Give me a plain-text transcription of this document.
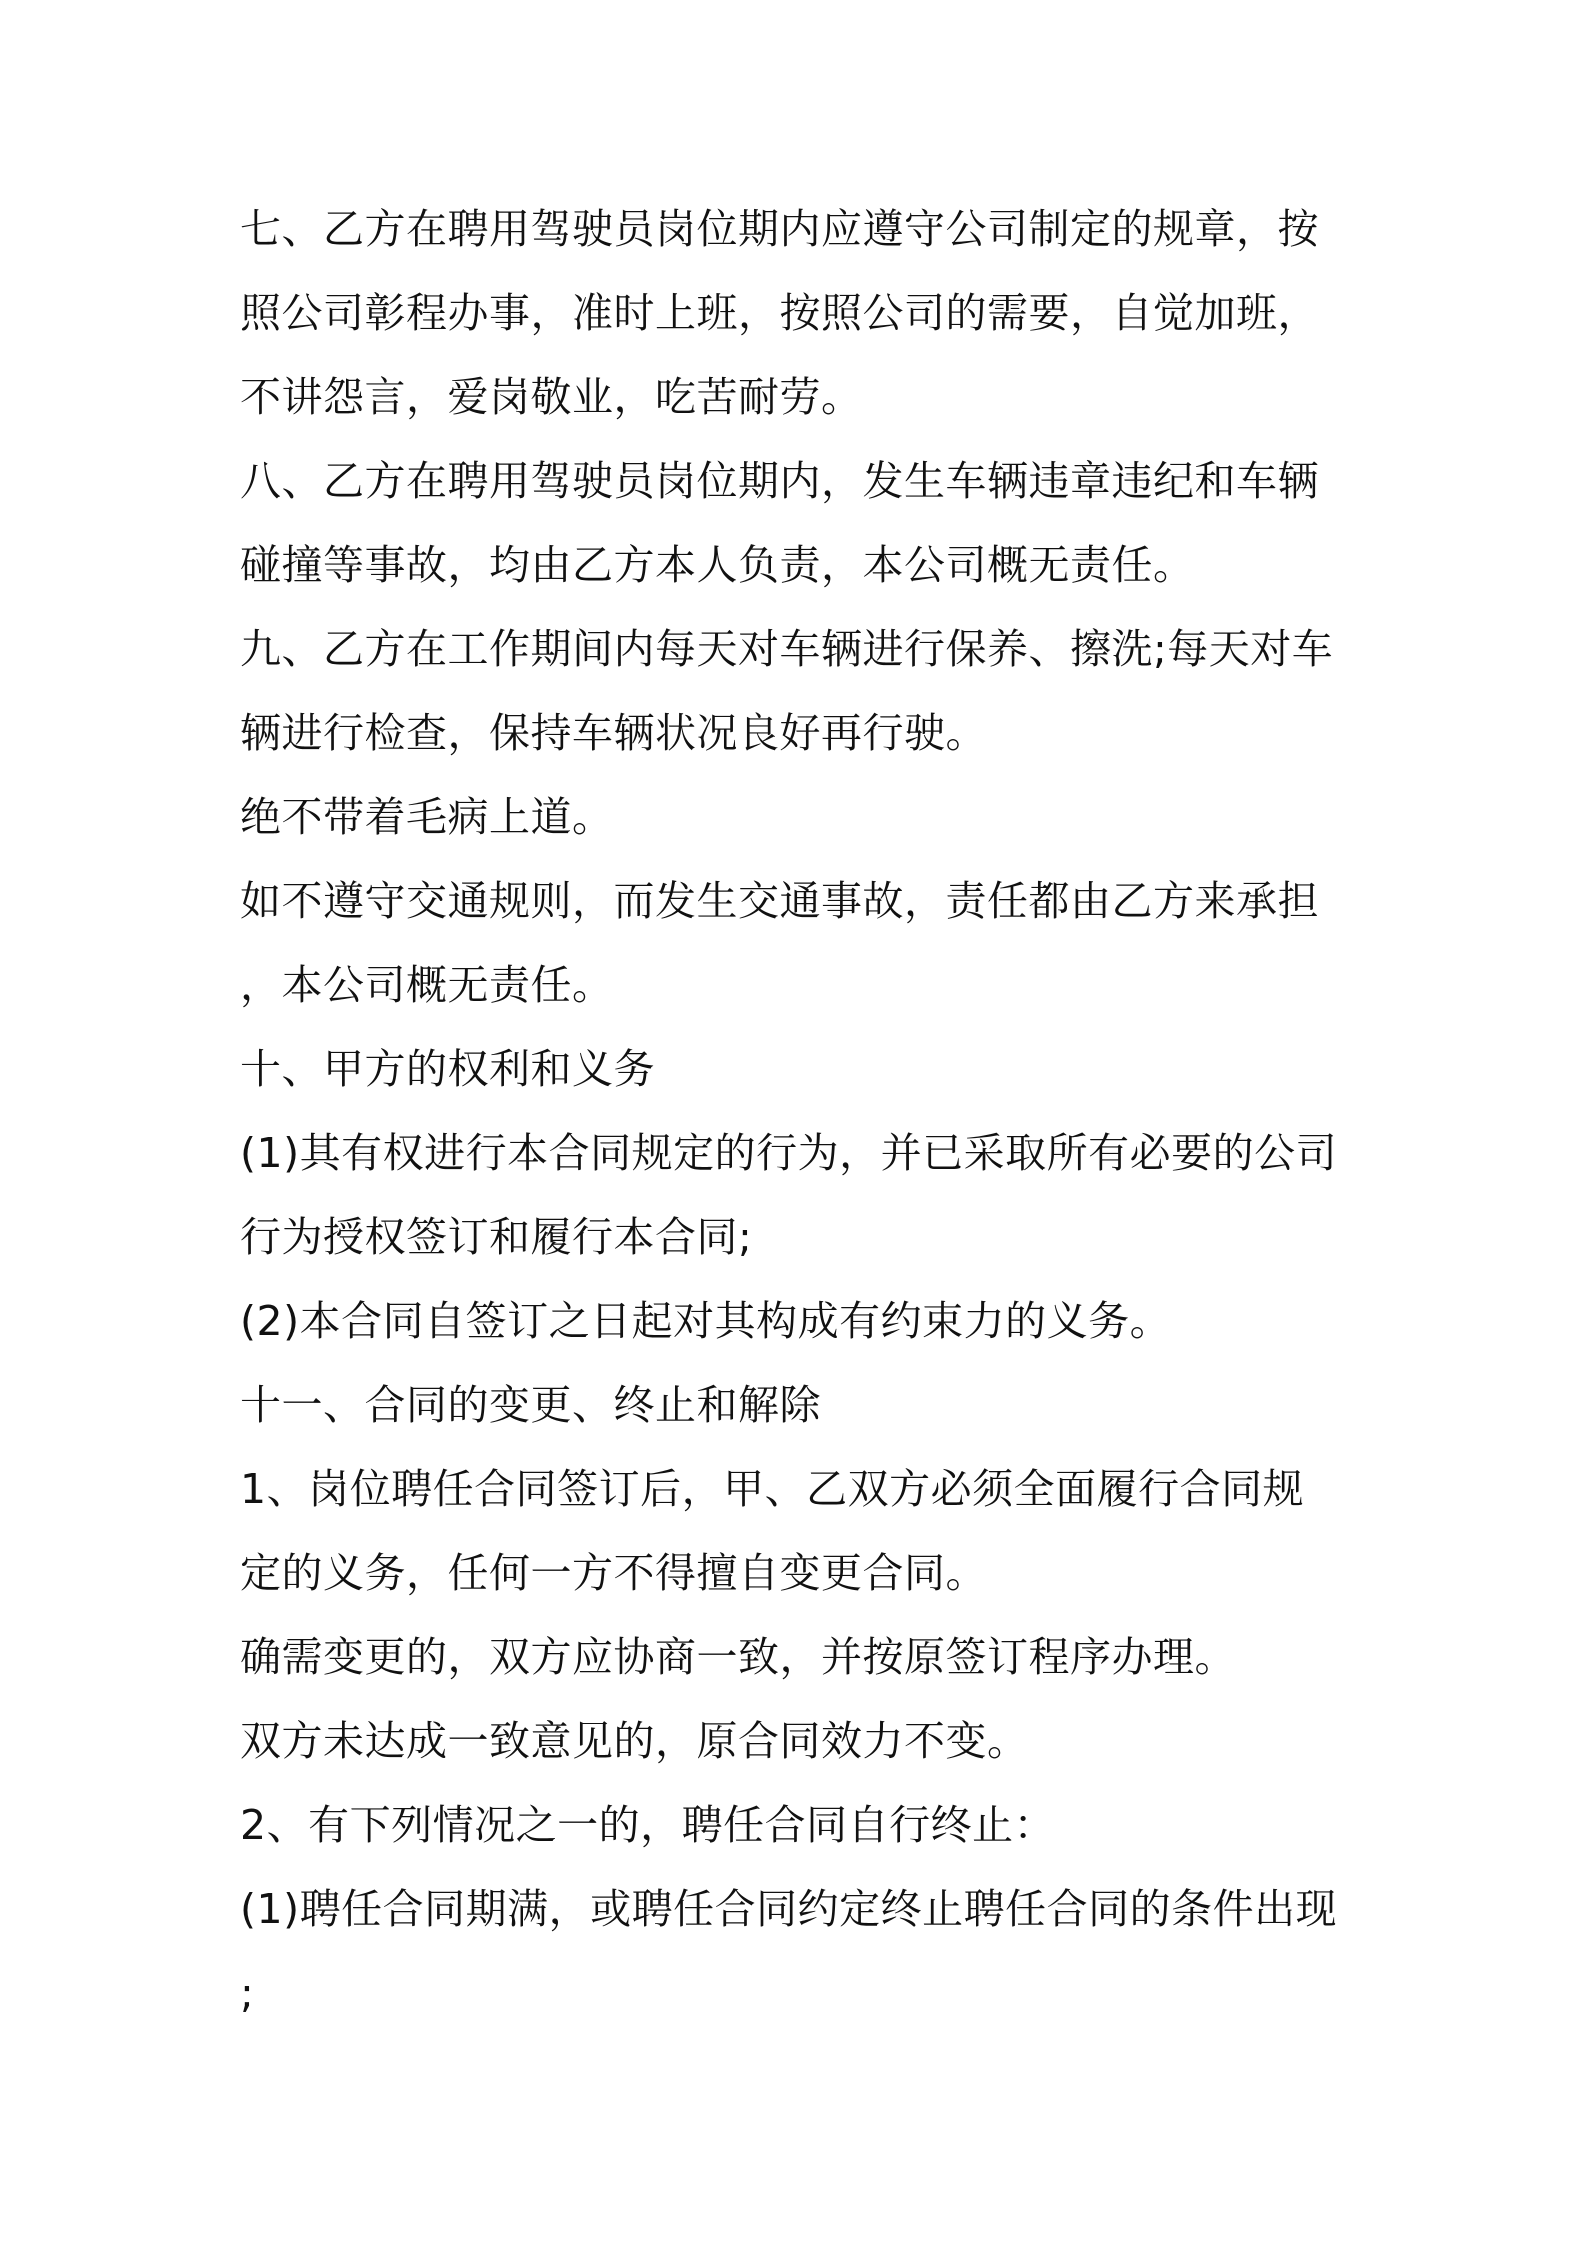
七、乙方在聘用驾驶员岗位期内应遵守公司制定的规章，按

照公司彰程办事，准时上班，按照公司的需要，自觉加班，

不讲怨言，爱岗敬业，吃苦耐劳。

八、乙方在聘用驾驶员岗位期内，发生车辆违章违纪和车辆

碰撞等事故，均由乙方本人负责，本公司概无责任。

九、乙方在工作期间内每天对车辆进行保养、擦洗;每天对车

辆进行检查，保持车辆状况良好再行驶。

绝不带着毛病上道。

如不遵守交通规则，而发生交通事故，责任都由乙方来承担

，本公司概无责任。

十、甲方的权利和义务

(1)其有权进行本合同规定的行为，并已采取所有必要的公司

行为授权签订和履行本合同;

(2)本合同自签订之日起对其构成有约束力的义务。

十一、合同的变更、终止和解除

1、岗位聘任合同签订后，甲、乙双方必须全面履行合同规

定的义务，任何一方不得擅自变更合同。

确需变更的，双方应协商一致，并按原签订程序办理。

双方未达成一致意见的，原合同效力不变。

2、有下列情况之一的，聘任合同自行终止：

(1)聘任合同期满，或聘任合同约定终止聘任合同的条件出现

;
